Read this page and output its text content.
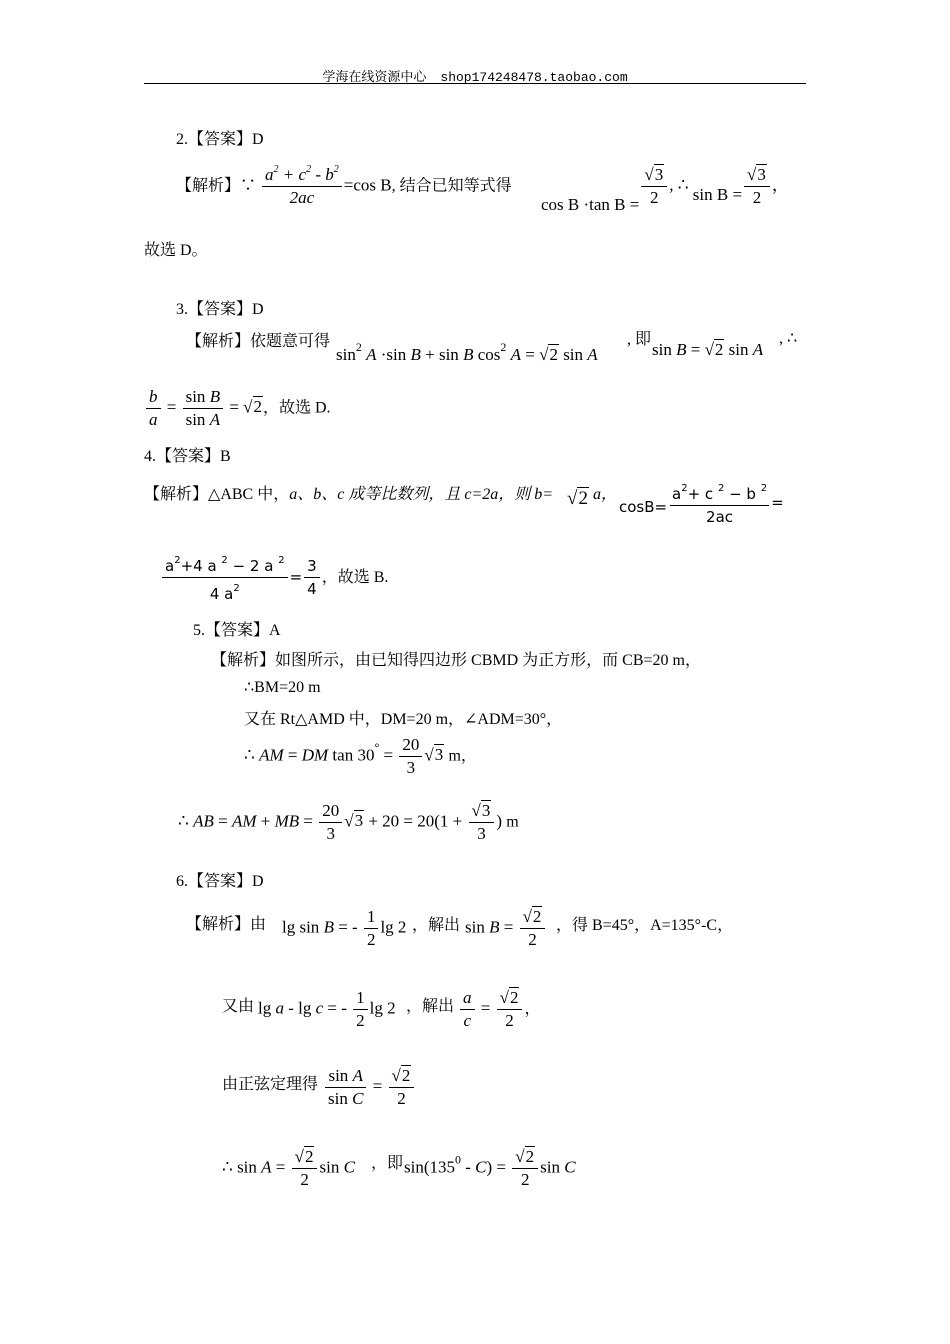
学海在线资源中心 shop174248478.taobao.com
2.【答案】D
【解析】∵ $\frac{a^2 + c^2 - b^2}{2ac} =\cos$ B, 结合已知等式得
cos B ·tan $B = \frac{√3}{2}$ , ∴ $\sin B = \frac{√3}{2}$ ，
故选 D。
3.【答案】D
【解析】依题意可得
$\sin^2 A \cdot\sin$ B + sin B $\cos^2 A = √2$ sin A
, 即
sin B = √2 sin A
, ∴
$\frac{b}{a} = \frac{\text{sin B}}{\text{sin A}} = √2$，故选 D.
4.【答案】B
【解析】△ABC 中，a、b、c 成等比数列，且 c=2a，则 b= √2 a，
$\cos B= \frac{a^2+ c ^2 - b ^2}{2ac}$ =
$\frac{a^2+4 a ^2 - 2 a ^2}{4 a^2} = \frac{3}{4}$ ，故选 B.
5.【答案】A
【解析】如图所示，由已知得四边形 CBMD 为正方形，而 CB=20 m，
∴BM=20 m
又在 Rt△AMD 中，DM=20 m，∠ADM=30°，
∴ AM = DM $\tan 30^\circ = \frac{20}{3} √3$ m，
∴ AB = AM + MB = $\frac{20}{3} √3 + 20 = 20(1 + \frac{√3}{3}$ ) m
6.【答案】D
【解析】由 lg sin B = - $\frac{1}{2}$ lg 2 ，解出 $\sin B = \frac{√2}{2}$ ，得 B=45°，A=135°-C，
又由 lg a - lg c = - $\frac{1}{2}$ lg 2 ，解出 $\frac{a}{c} = \frac{√2}{2}$ ，
由正弦定理得 $\frac{\text{sin A}}{\text{sin C}} = \frac{√2}{2}$
∴ $\sin A = \frac{√2}{2}$ sin C ，即 $\sin(135^0 - C) = \frac{√2}{2}$ sin C
